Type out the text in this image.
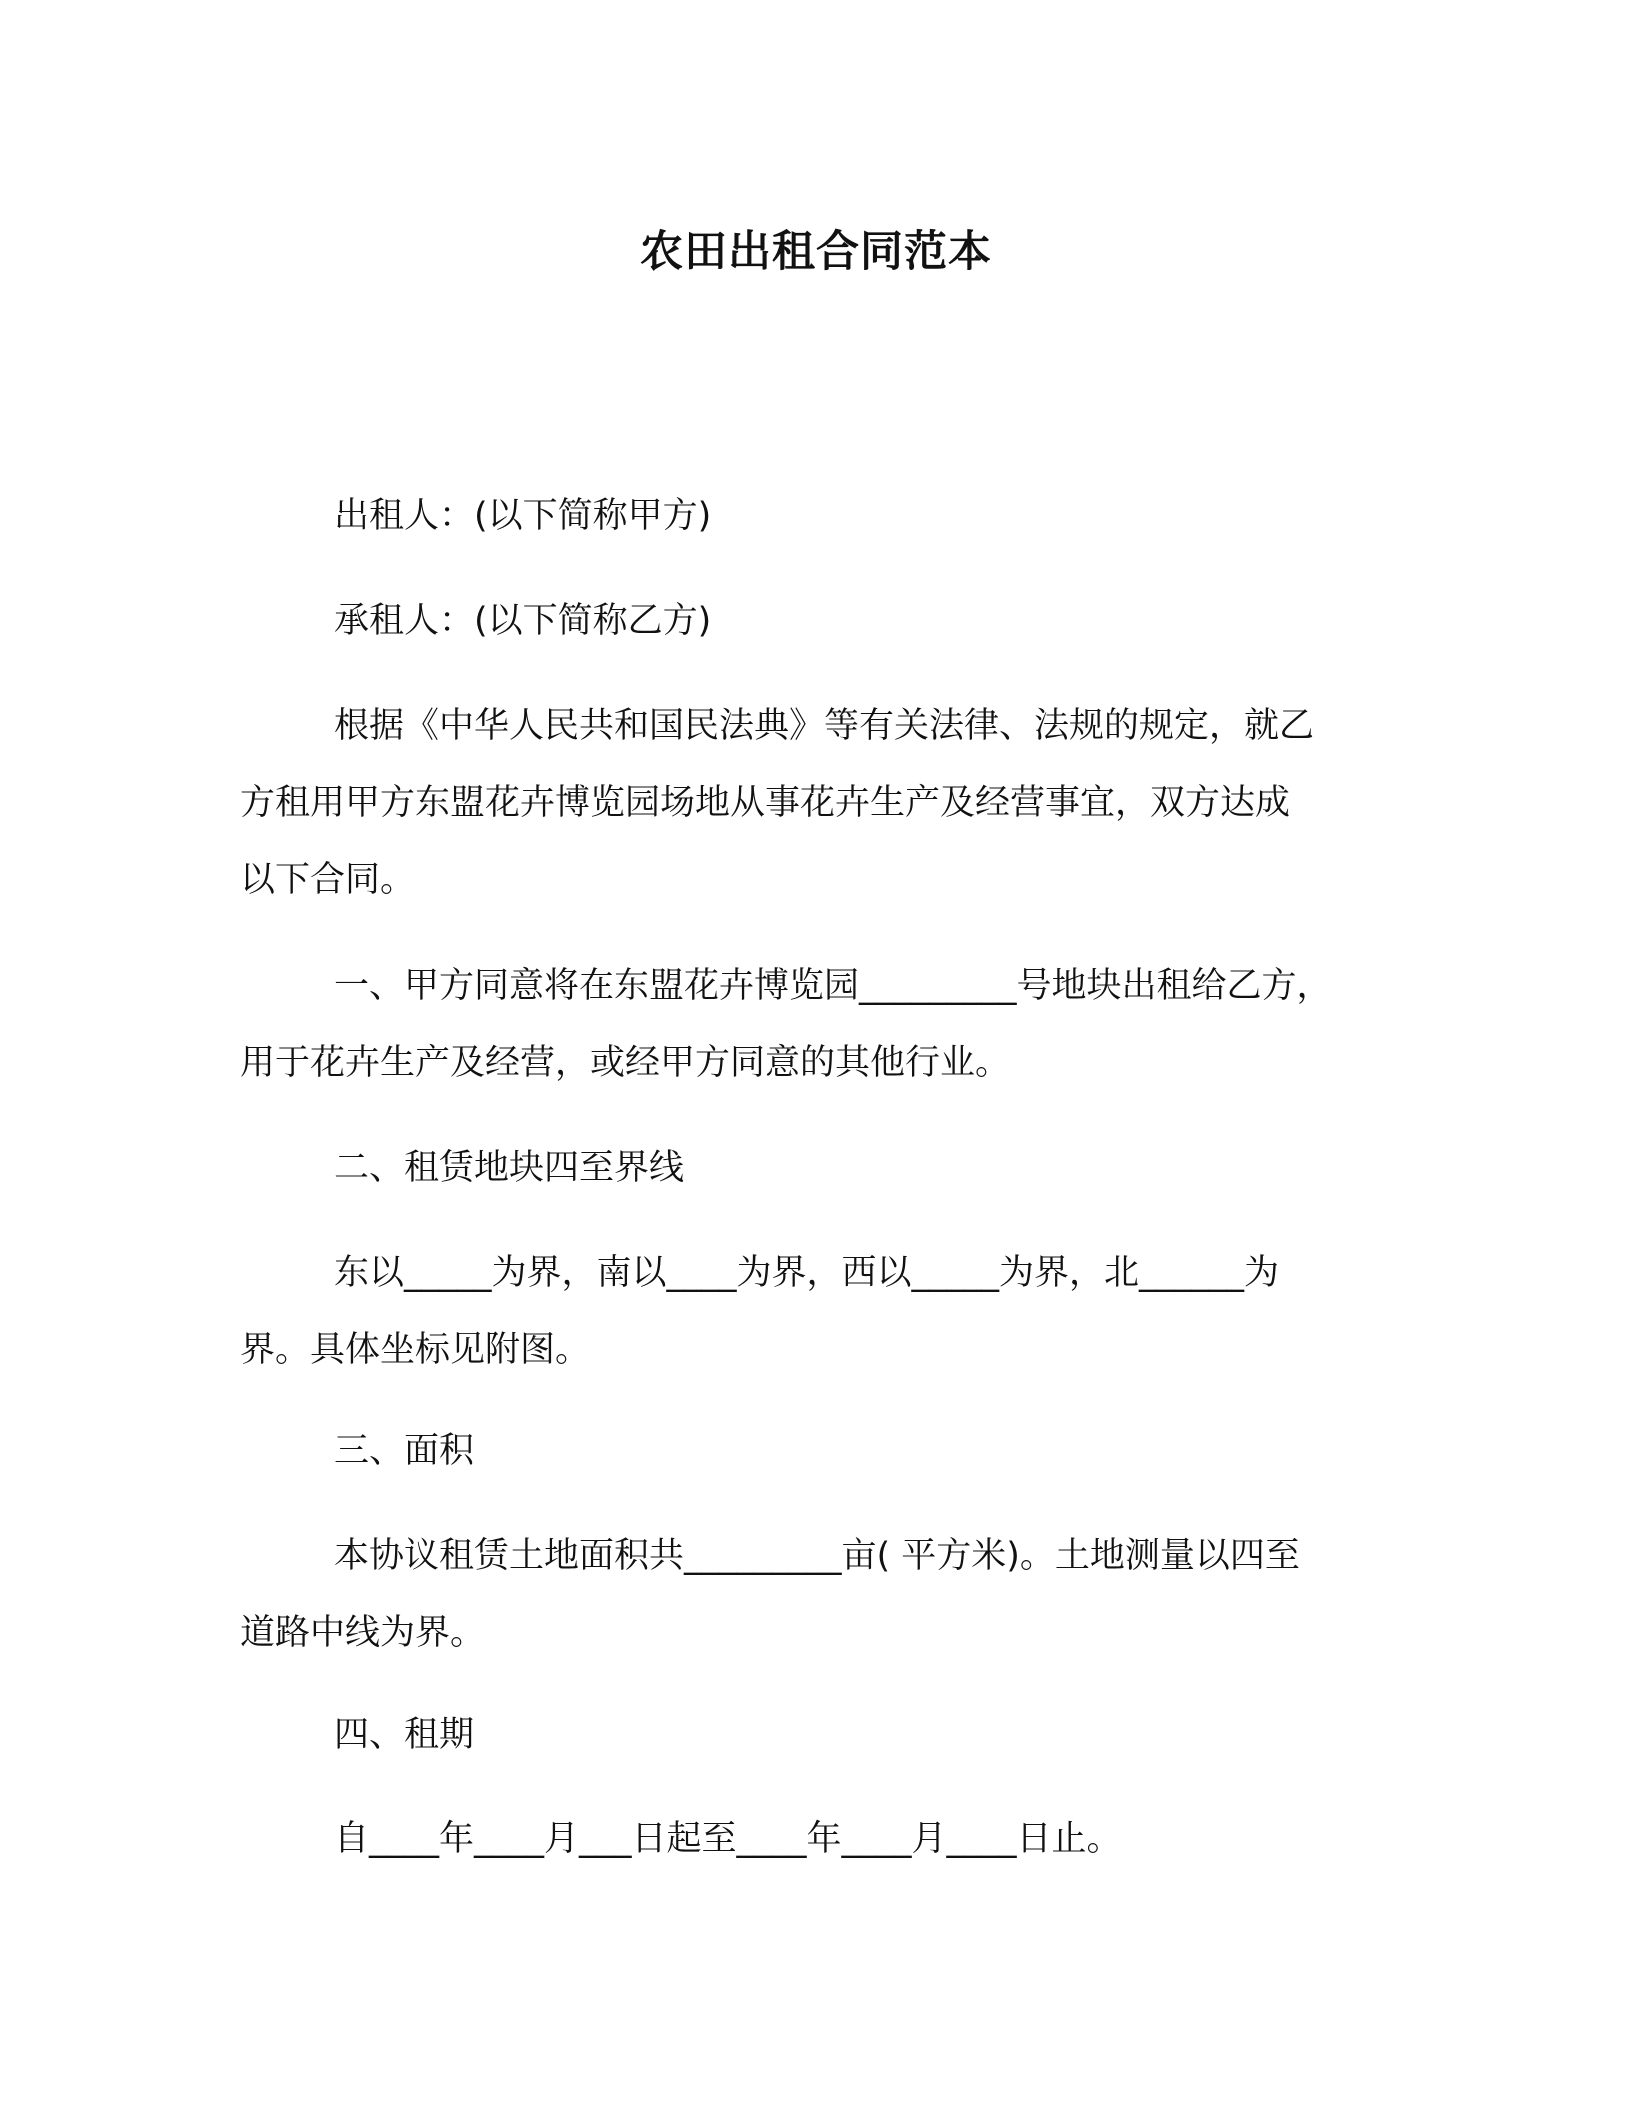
农田出租合同范本
出租人：(以下简称甲方)
承租人：(以下简称乙方)
根据《中华人民共和国民法典》等有关法律、法规的规定，就乙
方租用甲方东盟花卉博览园场地从事花卉生产及经营事宜，双方达成
以下合同。
一、甲方同意将在东盟花卉博览园_________号地块出租给乙方，
用于花卉生产及经营，或经甲方同意的其他行业。
二、租赁地块四至界线
东以_____为界，南以____为界，西以_____为界，北______为
界。具体坐标见附图。
三、面积
本协议租赁土地面积共_________亩( 平方米)。土地测量以四至
道路中线为界。
四、租期
自____年____月___日起至____年____月____日止。
